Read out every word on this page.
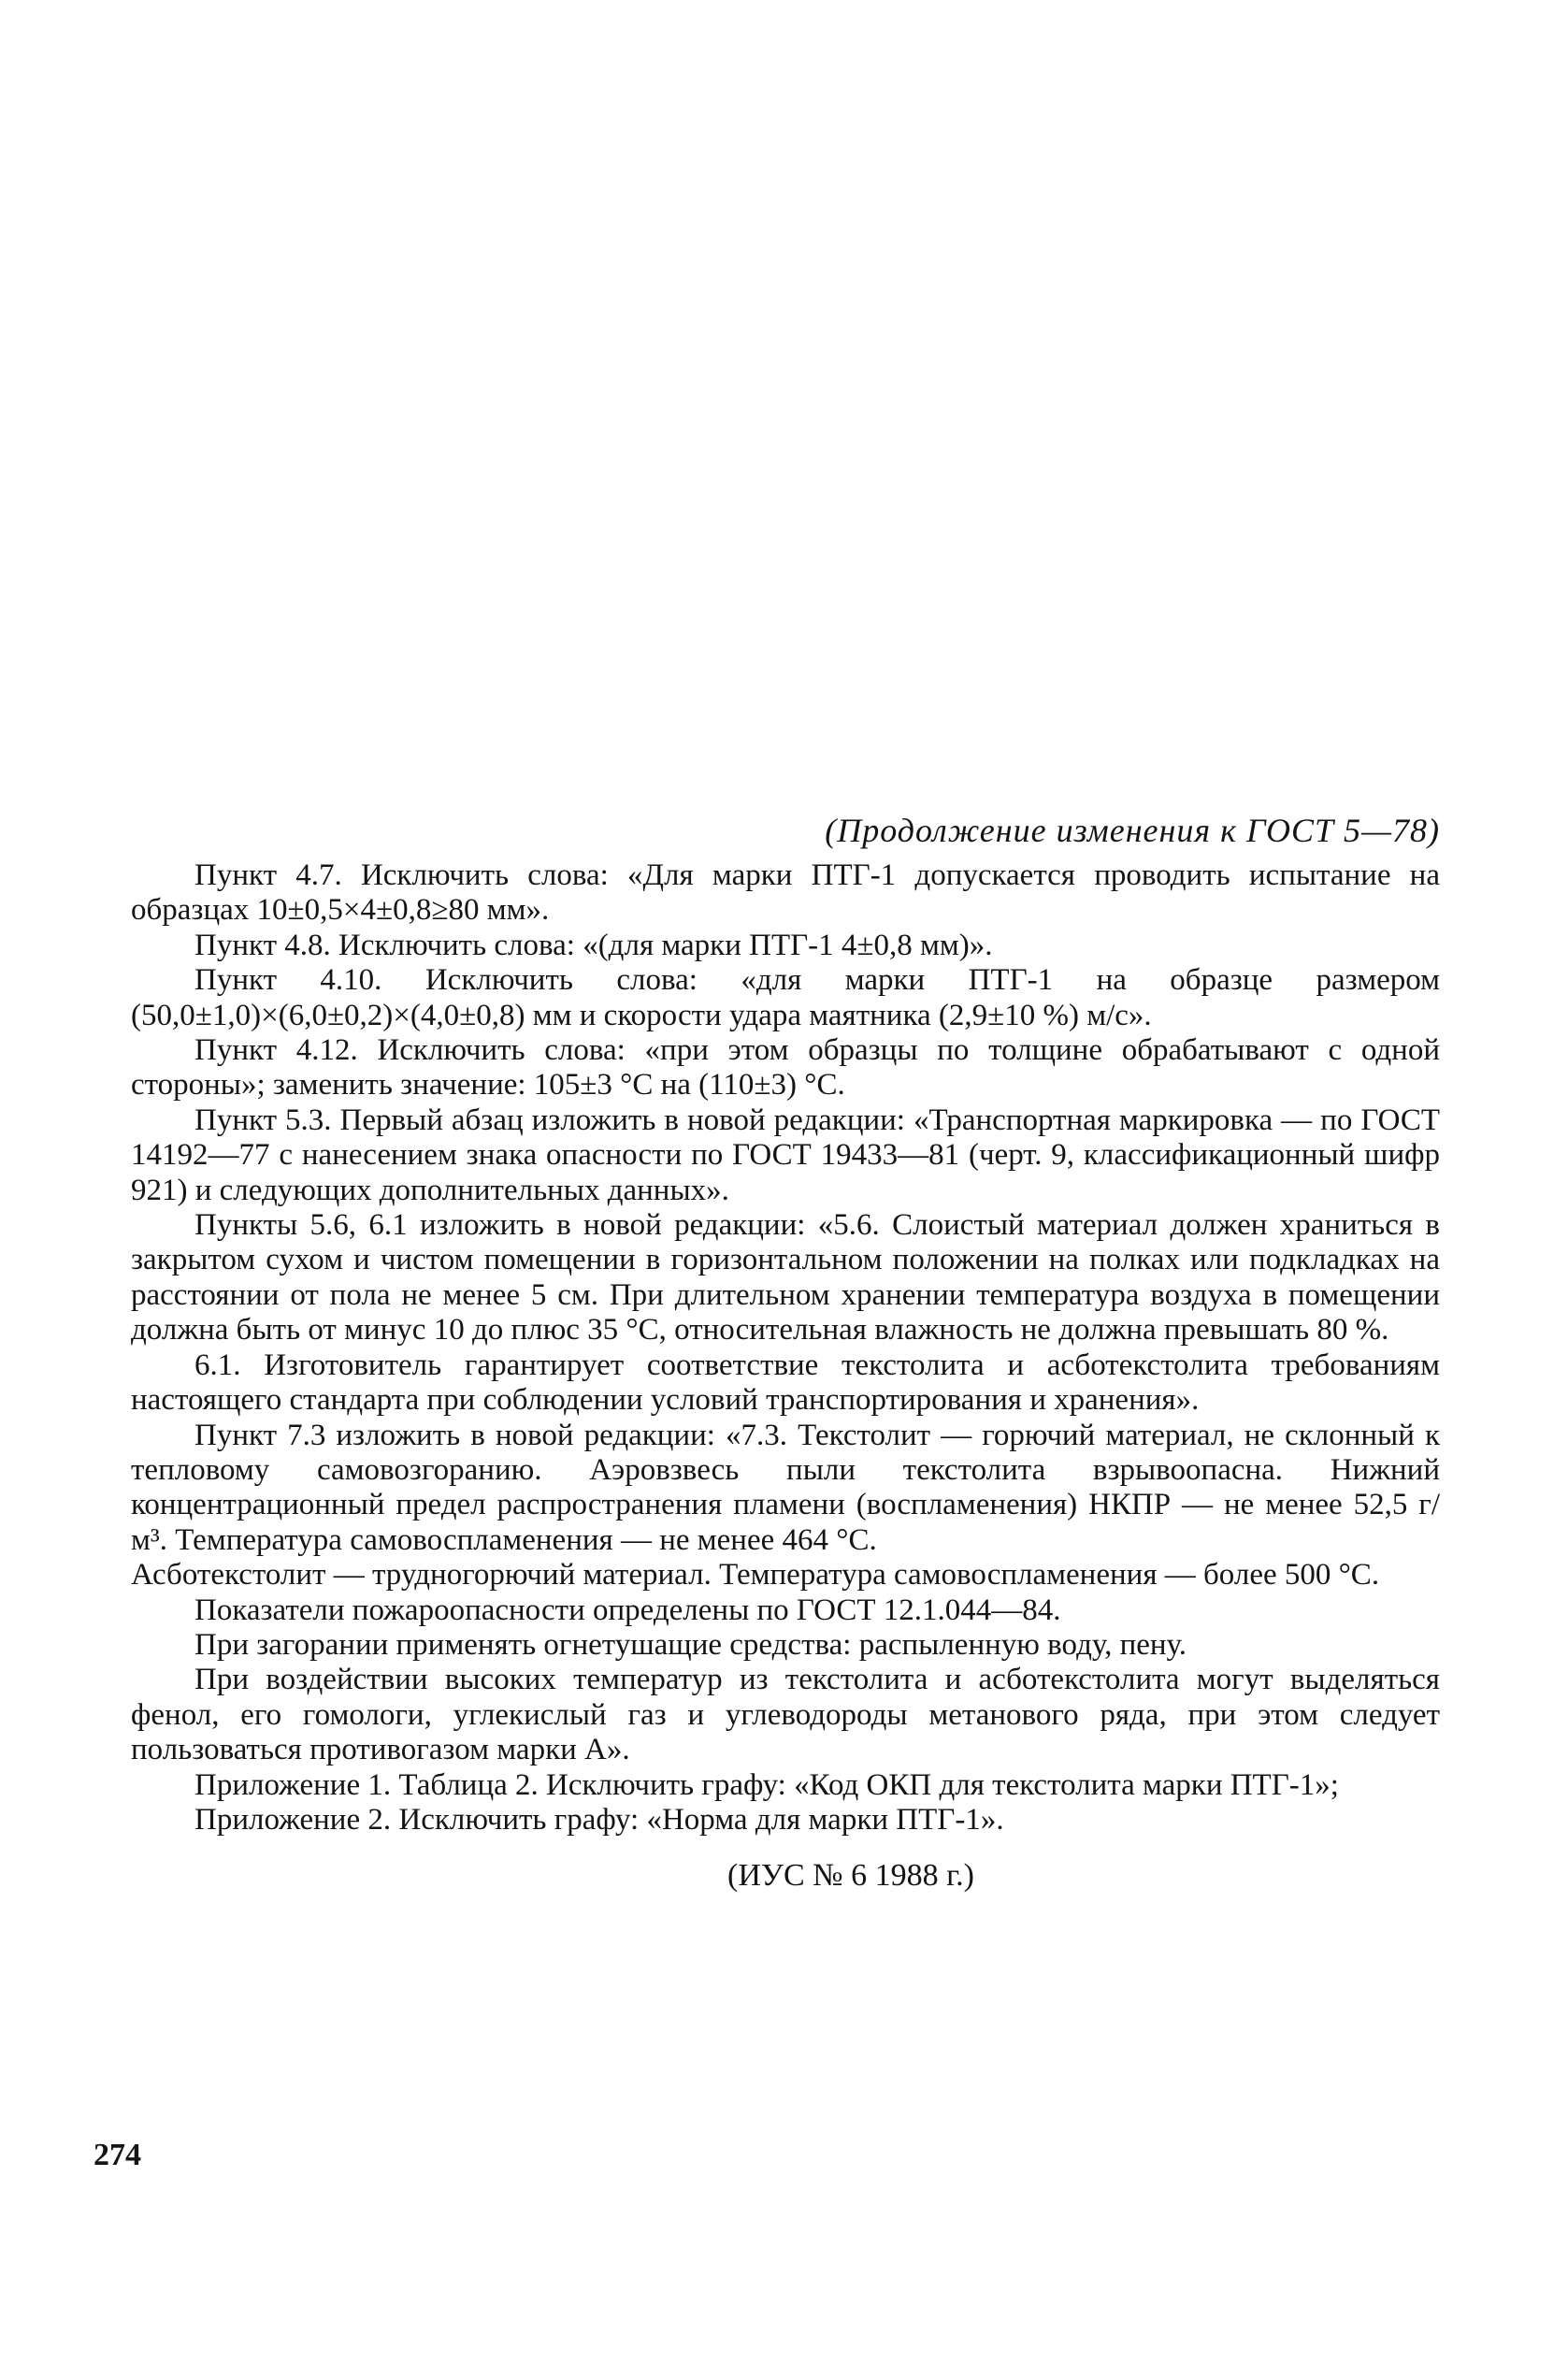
(Продолжение изменения к ГОСТ 5—78)

Пункт 4.7. Исключить слова: «Для марки ПТГ-1 допускается проводить испытание на образцах 10±0,5×4±0,8≥80 мм».

Пункт 4.8. Исключить слова: «(для марки ПТГ-1 4±0,8 мм)».

Пункт 4.10. Исключить слова: «для марки ПТГ-1 на образце размером (50,0±1,0)×(6,0±0,2)×(4,0±0,8) мм и скорости удара маятника (2,9±10 %) м/с».

Пункт 4.12. Исключить слова: «при этом образцы по толщине обрабатывают с одной стороны»; заменить значение: 105±3 °С на (110±3) °С.

Пункт 5.3. Первый абзац изложить в новой редакции: «Транспортная маркировка — по ГОСТ 14192—77 с нанесением знака опасности по ГОСТ 19433—81 (черт. 9, классификационный шифр 921) и следующих дополнительных данных».

Пункты 5.6, 6.1 изложить в новой редакции: «5.6. Слоистый материал должен храниться в закрытом сухом и чистом помещении в горизонтальном положении на полках или подкладках на расстоянии от пола не менее 5 см. При длительном хранении температура воздуха в помещении должна быть от минус 10 до плюс 35 °С, относительная влажность не должна превышать 80 %.

6.1. Изготовитель гарантирует соответствие текстолита и асботекстолита требованиям настоящего стандарта при соблюдении условий транспортирования и хранения».

Пункт 7.3 изложить в новой редакции: «7.3. Текстолит — горючий материал, не склонный к тепловому самовозгоранию. Аэровзвесь пыли текстолита взрывоопасна. Нижний концентрационный предел распространения пламени (воспламенения) НКПР — не менее 52,5 г/м³. Температура самовоспламенения — не менее 464 °С.

Асботекстолит — трудногорючий материал. Температура самовоспламенения — более 500 °С.

Показатели пожароопасности определены по ГОСТ 12.1.044—84.

При загорании применять огнетушащие средства: распыленную воду, пену.

При воздействии высоких температур из текстолита и асботекстолита могут выделяться фенол, его гомологи, углекислый газ и углеводороды метанового ряда, при этом следует пользоваться противогазом марки А».

Приложение 1. Таблица 2. Исключить графу: «Код ОКП для текстолита марки ПТГ-1»;

Приложение 2. Исключить графу: «Норма для марки ПТГ-1».

(ИУС № 6 1988 г.)

274
